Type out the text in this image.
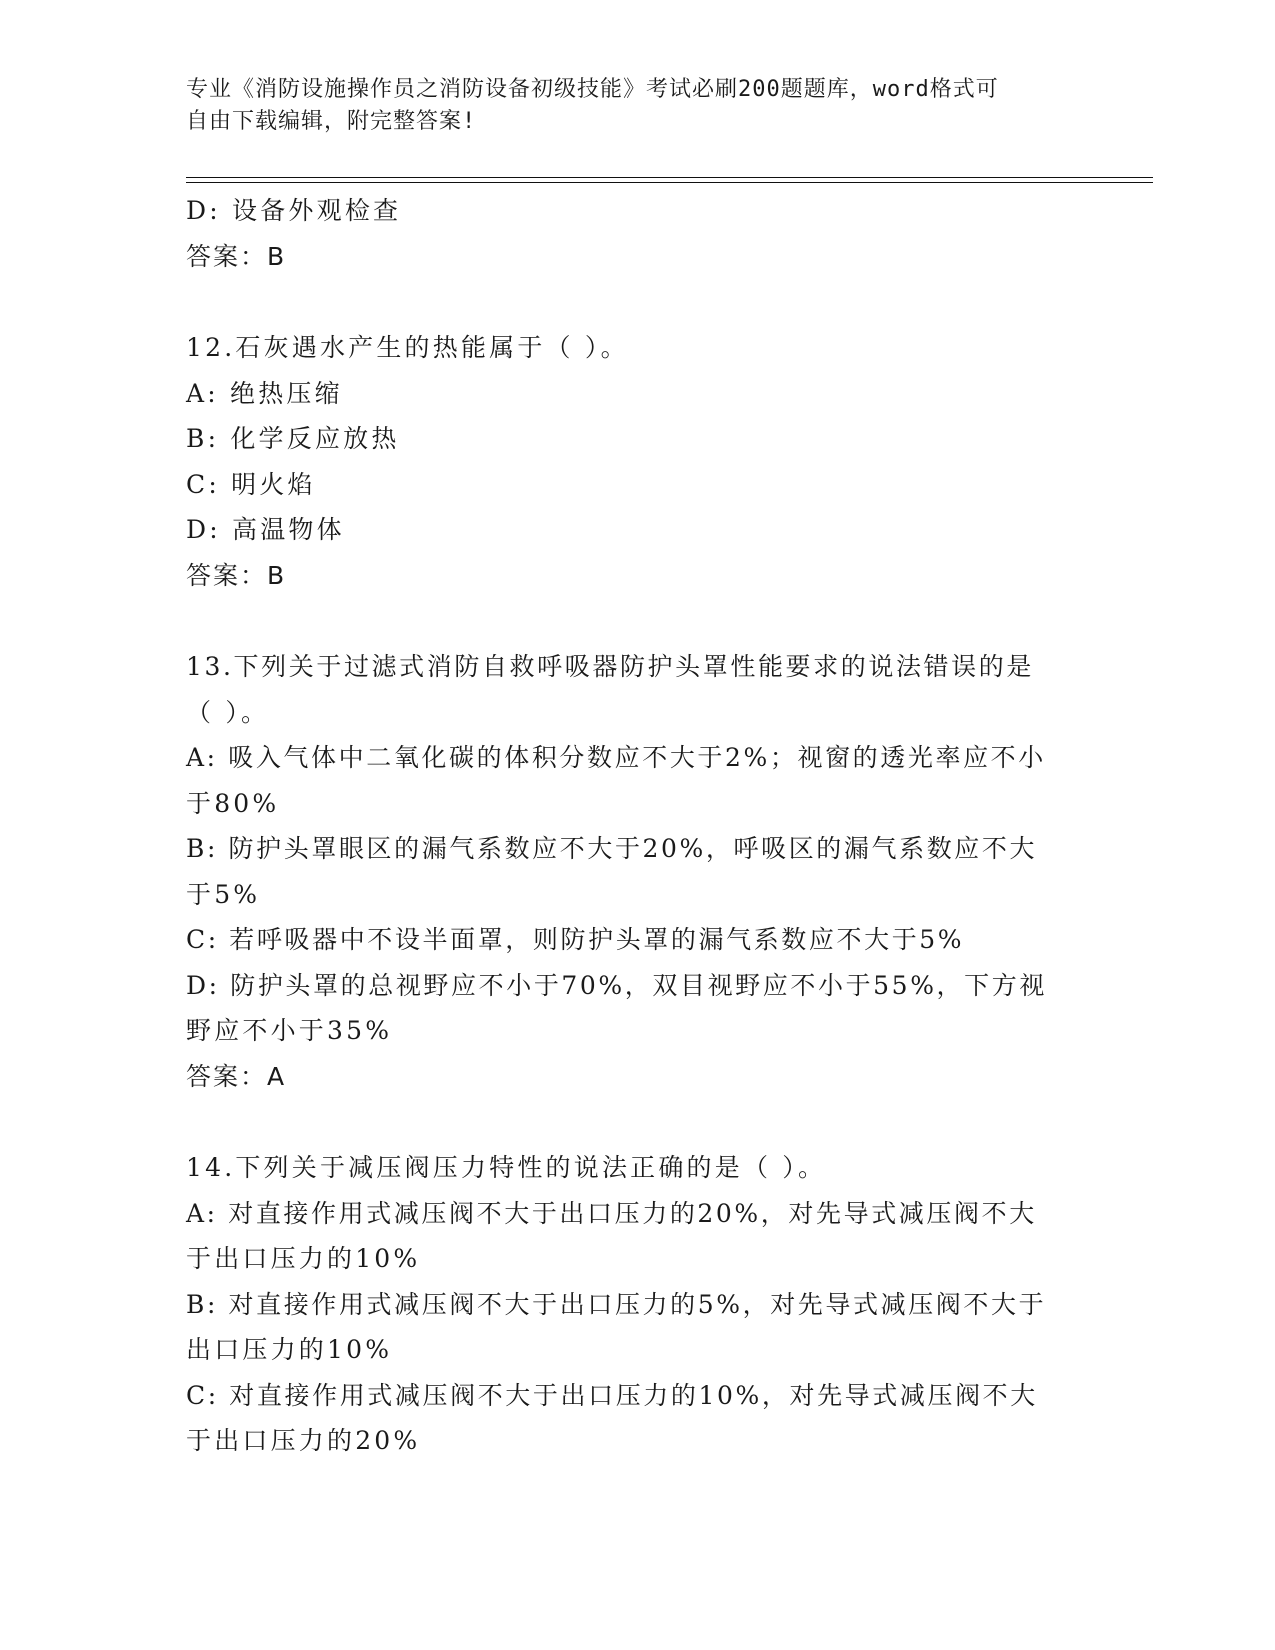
专业《消防设施操作员之消防设备初级技能》考试必刷200题题库，word格式可
自由下载编辑，附完整答案!
D: 设备外观检查
答案：B
12.石灰遇水产生的热能属于（ ）。
A: 绝热压缩
B: 化学反应放热
C: 明火焰
D: 高温物体
答案：B
13.下列关于过滤式消防自救呼吸器防护头罩性能要求的说法错误的是
（ ）。
A: 吸入气体中二氧化碳的体积分数应不大于2%；视窗的透光率应不小
于80%
B: 防护头罩眼区的漏气系数应不大于20%，呼吸区的漏气系数应不大
于5%
C: 若呼吸器中不设半面罩，则防护头罩的漏气系数应不大于5%
D: 防护头罩的总视野应不小于70%，双目视野应不小于55%，下方视
野应不小于35%
答案：A
14.下列关于减压阀压力特性的说法正确的是（ ）。
A: 对直接作用式减压阀不大于出口压力的20%，对先导式减压阀不大
于出口压力的10%
B: 对直接作用式减压阀不大于出口压力的5%，对先导式减压阀不大于
出口压力的10%
C: 对直接作用式减压阀不大于出口压力的10%，对先导式减压阀不大
于出口压力的20%
